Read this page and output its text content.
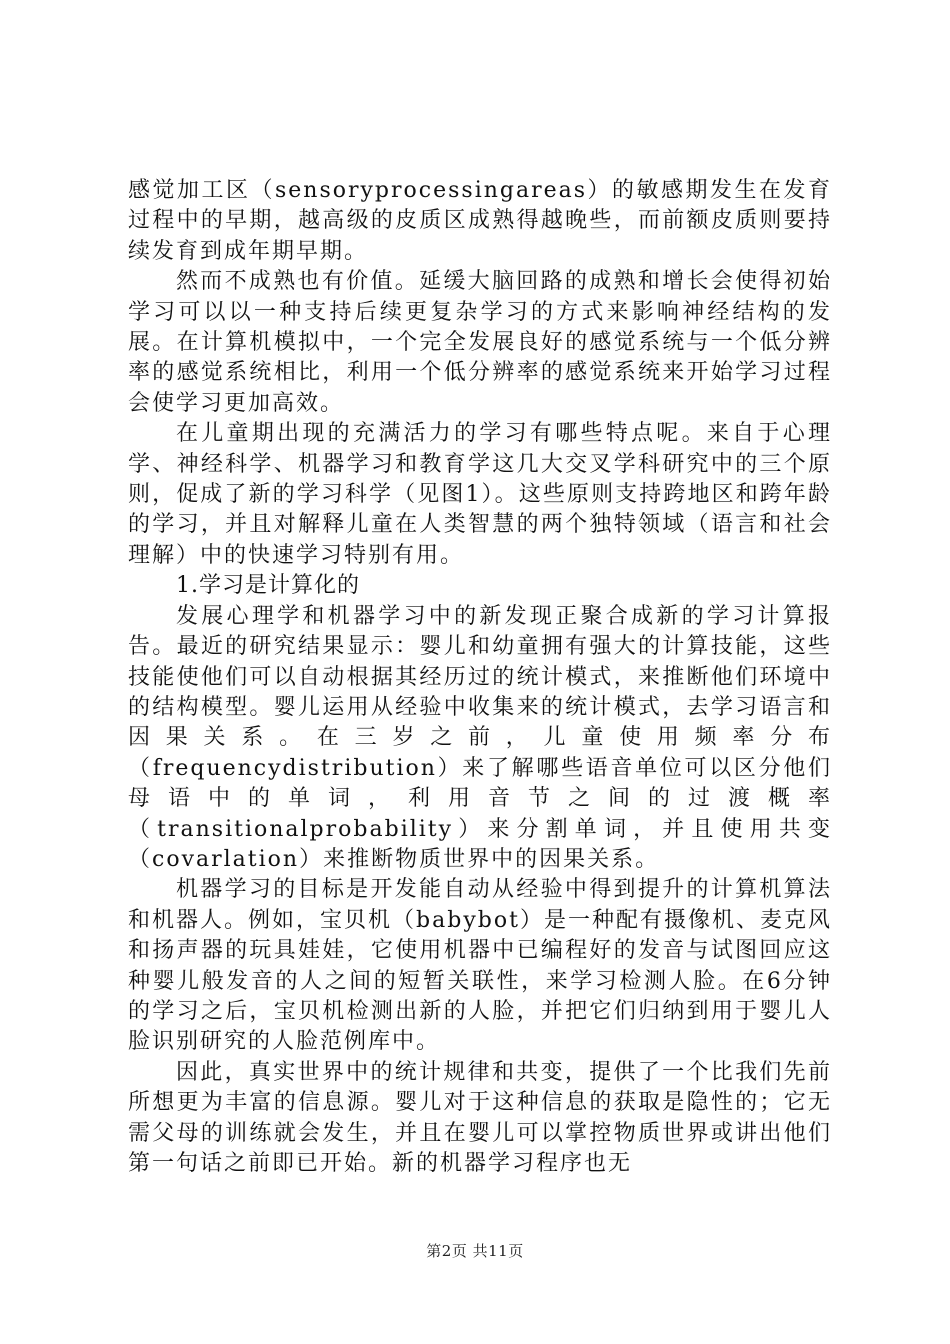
感觉加工区（sensoryprocessingareas）的敏感期发生在发育过程中的早期，越高级的皮质区成熟得越晚些，而前额皮质则要持续发育到成年期早期。

然而不成熟也有价值。延缓大脑回路的成熟和增长会使得初始学习可以以一种支持后续更复杂学习的方式来影响神经结构的发展。在计算机模拟中，一个完全发展良好的感觉系统与一个低分辨率的感觉系统相比，利用一个低分辨率的感觉系统来开始学习过程会使学习更加高效。

在儿童期出现的充满活力的学习有哪些特点呢。来自于心理学、神经科学、机器学习和教育学这几大交叉学科研究中的三个原则，促成了新的学习科学（见图1）。这些原则支持跨地区和跨年龄的学习，并且对解释儿童在人类智慧的两个独特领域（语言和社会理解）中的快速学习特别有用。

1.学习是计算化的

发展心理学和机器学习中的新发现正聚合成新的学习计算报告。最近的研究结果显示：婴儿和幼童拥有强大的计算技能，这些技能使他们可以自动根据其经历过的统计模式，来推断他们环境中的结构模型。婴儿运用从经验中收集来的统计模式，去学习语言和因果关系。在三岁之前，儿童使用频率分布（frequencydistribution）来了解哪些语音单位可以区分他们母语中的单词，利用音节之间的过渡概率（transitionalprobability）来分割单词，并且使用共变（covarlation）来推断物质世界中的因果关系。

机器学习的目标是开发能自动从经验中得到提升的计算机算法和机器人。例如，宝贝机（babybot）是一种配有摄像机、麦克风和扬声器的玩具娃娃，它使用机器中已编程好的发音与试图回应这种婴儿般发音的人之间的短暂关联性，来学习检测人脸。在6分钟的学习之后，宝贝机检测出新的人脸，并把它们归纳到用于婴儿人脸识别研究的人脸范例库中。

因此，真实世界中的统计规律和共变，提供了一个比我们先前所想更为丰富的信息源。婴儿对于这种信息的获取是隐性的；它无需父母的训练就会发生，并且在婴儿可以掌控物质世界或讲出他们第一句话之前即已开始。新的机器学习程序也无

第2页 共11页
